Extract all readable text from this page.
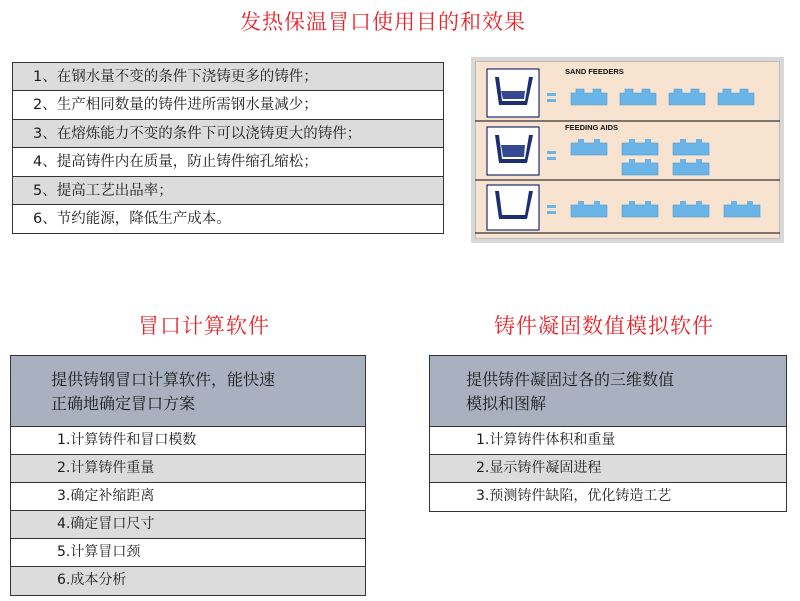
发热保温冒口使用目的和效果
1、在钢水量不变的条件下浇铸更多的铸件；
2、生产相同数量的铸件进所需钢水量减少；
3、在熔炼能力不变的条件下可以浇铸更大的铸件；
4、提高铸件内在质量，防止铸件缩孔缩松；
5、提高工艺出品率；
6、节约能源，降低生产成本。
SAND FEEDERS
FEEDING AIDS
冒口计算软件	铸件凝固数值模拟软件
提供铸钢冒口计算软件，能快速
正确地确定冒口方案
1.计算铸件和冒口模数
2.计算铸件重量
3.确定补缩距离
4.确定冒口尺寸
5.计算冒口颈
6.成本分析
提供铸件凝固过各的三维数值
模拟和图解
1.计算铸件体积和重量
2.显示铸件凝固进程
3.预测铸件缺陷，优化铸造工艺
